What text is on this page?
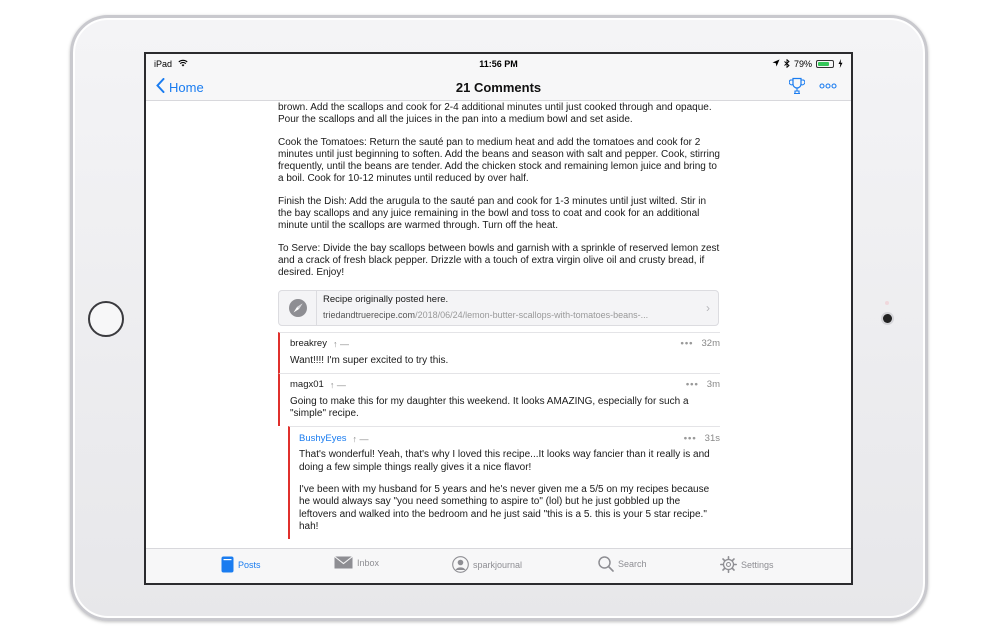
iPad	11:56 PM	79%
Home	21 Comments

brown. Add the scallops and cook for 2-4 additional minutes until just cooked through and opaque. Pour the scallops and all the juices in the pan into a medium bowl and set aside.

Cook the Tomatoes: Return the sauté pan to medium heat and add the tomatoes and cook for 2 minutes until just beginning to soften. Add the beans and season with salt and pepper. Cook, stirring frequently, until the beans are tender. Add the chicken stock and remaining lemon juice and bring to a boil. Cook for 10-12 minutes until reduced by over half.

Finish the Dish: Add the arugula to the sauté pan and cook for 1-3 minutes until just wilted. Stir in the bay scallops and any juice remaining in the bowl and toss to coat and cook for an additional minute until the scallops are warmed through. Turn off the heat.

To Serve: Divide the bay scallops between bowls and garnish with a sprinkle of reserved lemon zest and a crack of fresh black pepper. Drizzle with a touch of extra virgin olive oil and crusty bread, if desired. Enjoy!

Recipe originally posted here.
triedandtruerecipe.com/2018/06/24/lemon-butter-scallops-with-tomatoes-beans-...
›
breakrey ↑ —	••• 32m

Want!!!! I'm super excited to try this.

magx01 ↑ —	••• 3m

Going to make this for my daughter this weekend. It looks AMAZING, especially for such a "simple" recipe.

BushyEyes ↑ —	••• 31s

That's wonderful! Yeah, that's why I loved this recipe...It looks way fancier than it really is and doing a few simple things really gives it a nice flavor!

I've been with my husband for 5 years and he's never given me a 5/5 on my recipes because he would always say "you need something to aspire to" (lol) but he just gobbled up the leftovers and walked into the bedroom and he just said "this is a 5. this is your 5 star recipe." hah!

Posts	Inbox	sparkjournal	Search	Settings
